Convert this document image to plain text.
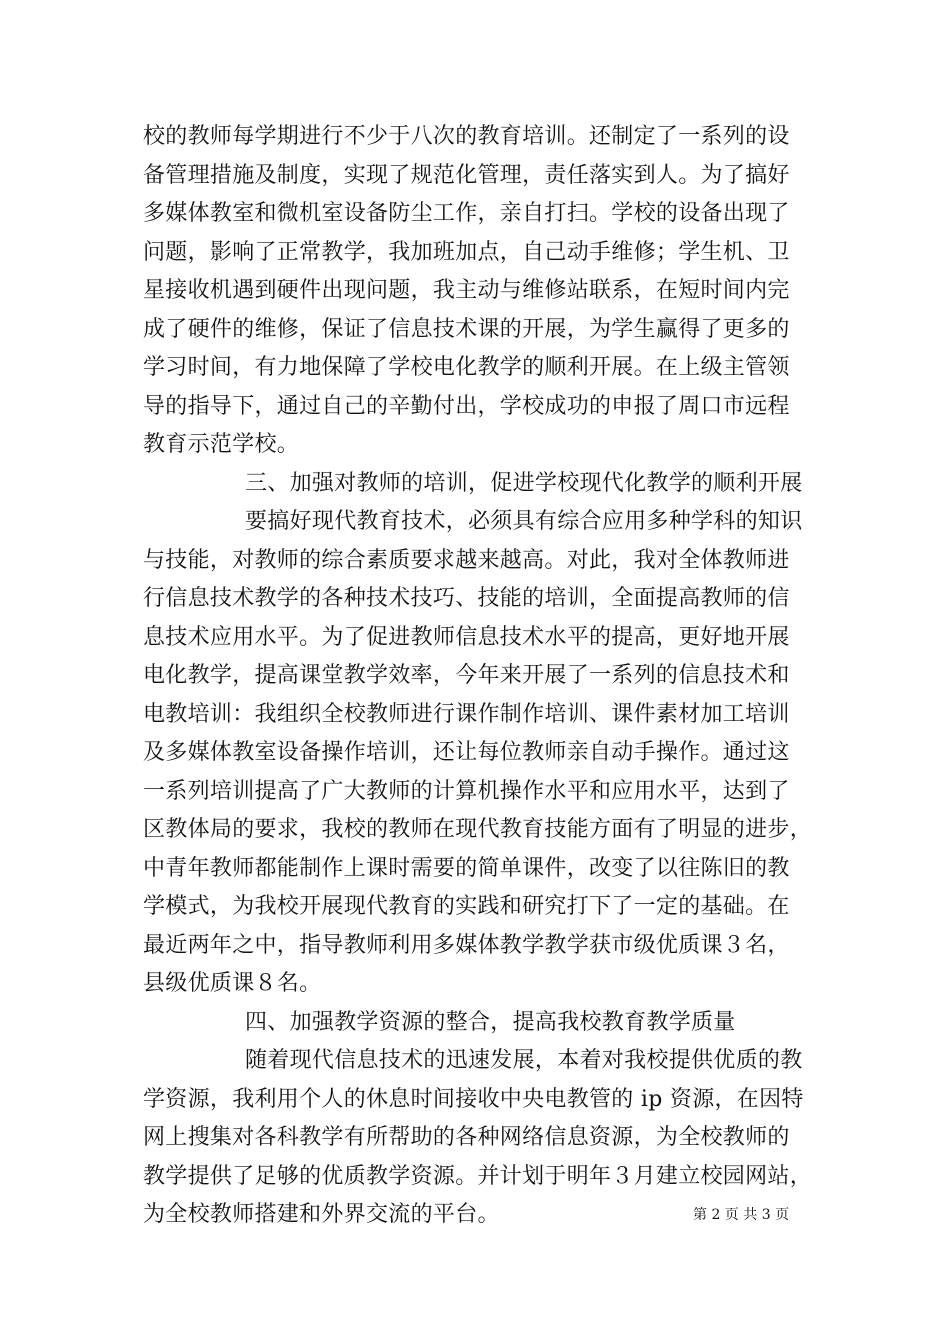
校的教师每学期进行不少于八次的教育培训。还制定了一系列的设
备管理措施及制度，实现了规范化管理，责任落实到人。为了搞好
多媒体教室和微机室设备防尘工作，亲自打扫。学校的设备出现了
问题，影响了正常教学，我加班加点，自己动手维修；学生机、卫
星接收机遇到硬件出现问题，我主动与维修站联系，在短时间内完
成了硬件的维修，保证了信息技术课的开展，为学生赢得了更多的
学习时间，有力地保障了学校电化教学的顺利开展。在上级主管领
导的指导下，通过自己的辛勤付出，学校成功的申报了周口市远程
教育示范学校。
三、加强对教师的培训，促进学校现代化教学的顺利开展
要搞好现代教育技术，必须具有综合应用多种学科的知识
与技能，对教师的综合素质要求越来越高。对此，我对全体教师进
行信息技术教学的各种技术技巧、技能的培训，全面提高教师的信
息技术应用水平。为了促进教师信息技术水平的提高，更好地开展
电化教学，提高课堂教学效率，今年来开展了一系列的信息技术和
电教培训：我组织全校教师进行课作制作培训、课件素材加工培训
及多媒体教室设备操作培训，还让每位教师亲自动手操作。通过这
一系列培训提高了广大教师的计算机操作水平和应用水平，达到了
区教体局的要求，我校的教师在现代教育技能方面有了明显的进步，
中青年教师都能制作上课时需要的简单课件，改变了以往陈旧的教
学模式，为我校开展现代教育的实践和研究打下了一定的基础。在
最近两年之中，指导教师利用多媒体教学教学获市级优质课３名，
县级优质课８名。
四、加强教学资源的整合，提高我校教育教学质量
随着现代信息技术的迅速发展，本着对我校提供优质的教
学资源，我利用个人的休息时间接收中央电教管的 ip 资源，在因特
网上搜集对各科教学有所帮助的各种网络信息资源，为全校教师的
教学提供了足够的优质教学资源。并计划于明年３月建立校园网站，
为全校教师搭建和外界交流的平台。	第 2 页 共 3 页
